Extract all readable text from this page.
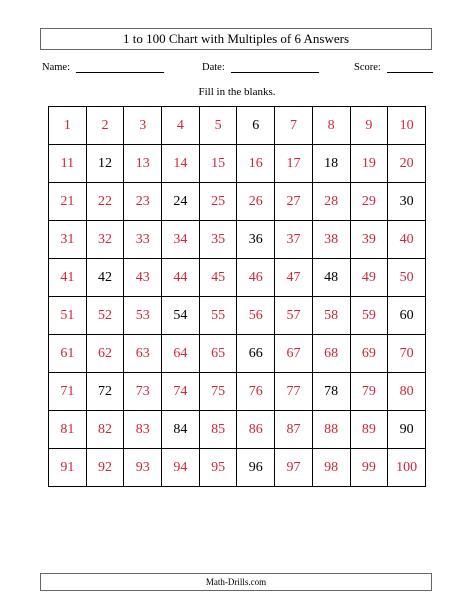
1 to 100 Chart with Multiples of 6 Answers
Name:	Date:	Score:
Fill in the blanks.
1	2	3	4	5	6	7	8	9	10
11	12	13	14	15	16	17	18	19	20
21	22	23	24	25	26	27	28	29	30
31	32	33	34	35	36	37	38	39	40
41	42	43	44	45	46	47	48	49	50
51	52	53	54	55	56	57	58	59	60
61	62	63	64	65	66	67	68	69	70
71	72	73	74	75	76	77	78	79	80
81	82	83	84	85	86	87	88	89	90
91	92	93	94	95	96	97	98	99	100
Math-Drills.com
